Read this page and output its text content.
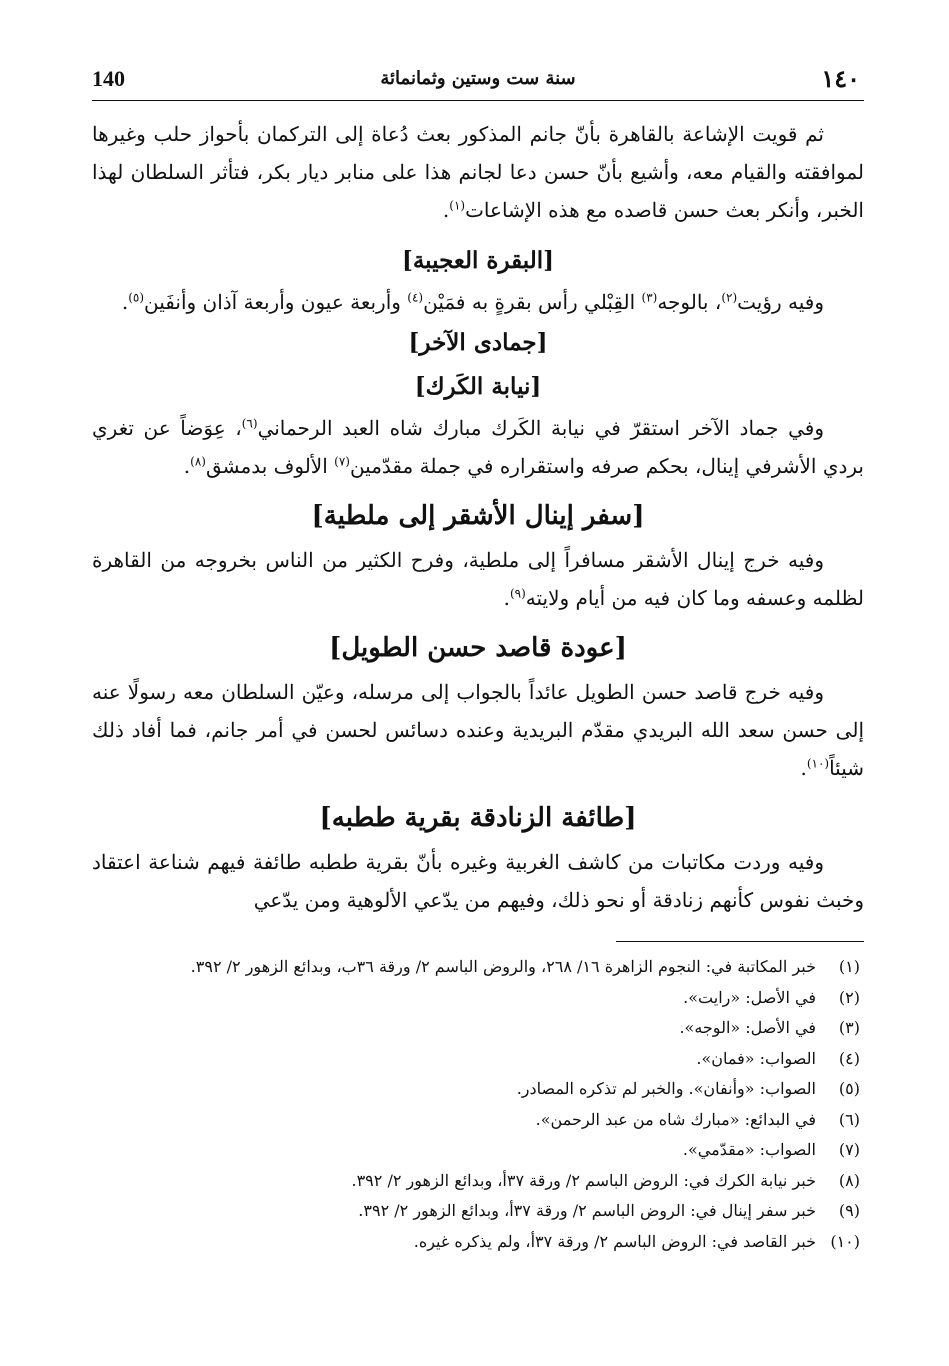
140	سنة ست وستين وثمانمائة	١٤٠

ثم قويت الإشاعة بالقاهرة بأنّ جانم المذكور بعث دُعاة إلى التركمان بأحواز حلب وغيرها لموافقته والقيام معه، وأشيع بأنّ حسن دعا لجانم هذا على منابر ديار بكر، فتأثر السلطان لهذا الخبر، وأنكر بعث حسن قاصده مع هذه الإشاعات$^{(١)}$.

[البقرة العجيبة]

وفيه رؤيت$^{(٢)}$، بالوجه$^{(٣)}$ القِبْلي رأس بقرةٍ به فمَيْن$^{(٤)}$ وأربعة عيون وأربعة آذان وأنفَين$^{(٥)}$.

[جمادى الآخر]
[نيابة الكَرك]

وفي جماد الآخر استقرّ في نيابة الكَرك مبارك شاه العبد الرحماني$^{(٦)}$، عِوَضاً عن تغري بردي الأشرفي إينال، بحكم صرفه واستقراره في جملة مقدّمين$^{(٧)}$ الألوف بدمشق$^{(٨)}$.

[سفر إينال الأشقر إلى ملطية]

وفيه خرج إينال الأشقر مسافراً إلى ملطية، وفرح الكثير من الناس بخروجه من القاهرة لظلمه وعسفه وما كان فيه من أيام ولايته$^{(٩)}$.

[عودة قاصد حسن الطويل]

وفيه خرج قاصد حسن الطويل عائداً بالجواب إلى مرسله، وعيّن السلطان معه رسولًا عنه إلى حسن سعد الله البريدي مقدّم البريدية وعنده دسائس لحسن في أمر جانم، فما أفاد ذلك شيئاً$^{(١٠)}$.

[طائفة الزنادقة بقرية ططبه]

وفيه وردت مكاتبات من كاشف الغربية وغيره بأنّ بقرية ططبه طائفة فيهم شناعة اعتقاد وخبث نفوس كأنهم زنادقة أو نحو ذلك، وفيهم من يدّعي الألوهية ومن يدّعي

(١)
خبر المكاتبة في: النجوم الزاهرة ١٦/ ٢٦٨، والروض الباسم ٢/ ورقة ٣٦ب، وبدائع الزهور ٢/ ٣٩٢.
(٢)
في الأصل: «رايت».
(٣)
في الأصل: «الوجه».
(٤)
الصواب: «فمان».
(٥)
الصواب: «وأنفان». والخبر لم تذكره المصادر.
(٦)
في البدائع: «مبارك شاه من عبد الرحمن».
(٧)
الصواب: «مقدّمي».
(٨)
خبر نيابة الكرك في: الروض الباسم ٢/ ورقة ٣٧أ، وبدائع الزهور ٢/ ٣٩٢.
(٩)
خبر سفر إينال في: الروض الباسم ٢/ ورقة ٣٧أ، وبدائع الزهور ٢/ ٣٩٢.
(١٠)
خبر القاصد في: الروض الباسم ٢/ ورقة ٣٧أ، ولم يذكره غيره.
